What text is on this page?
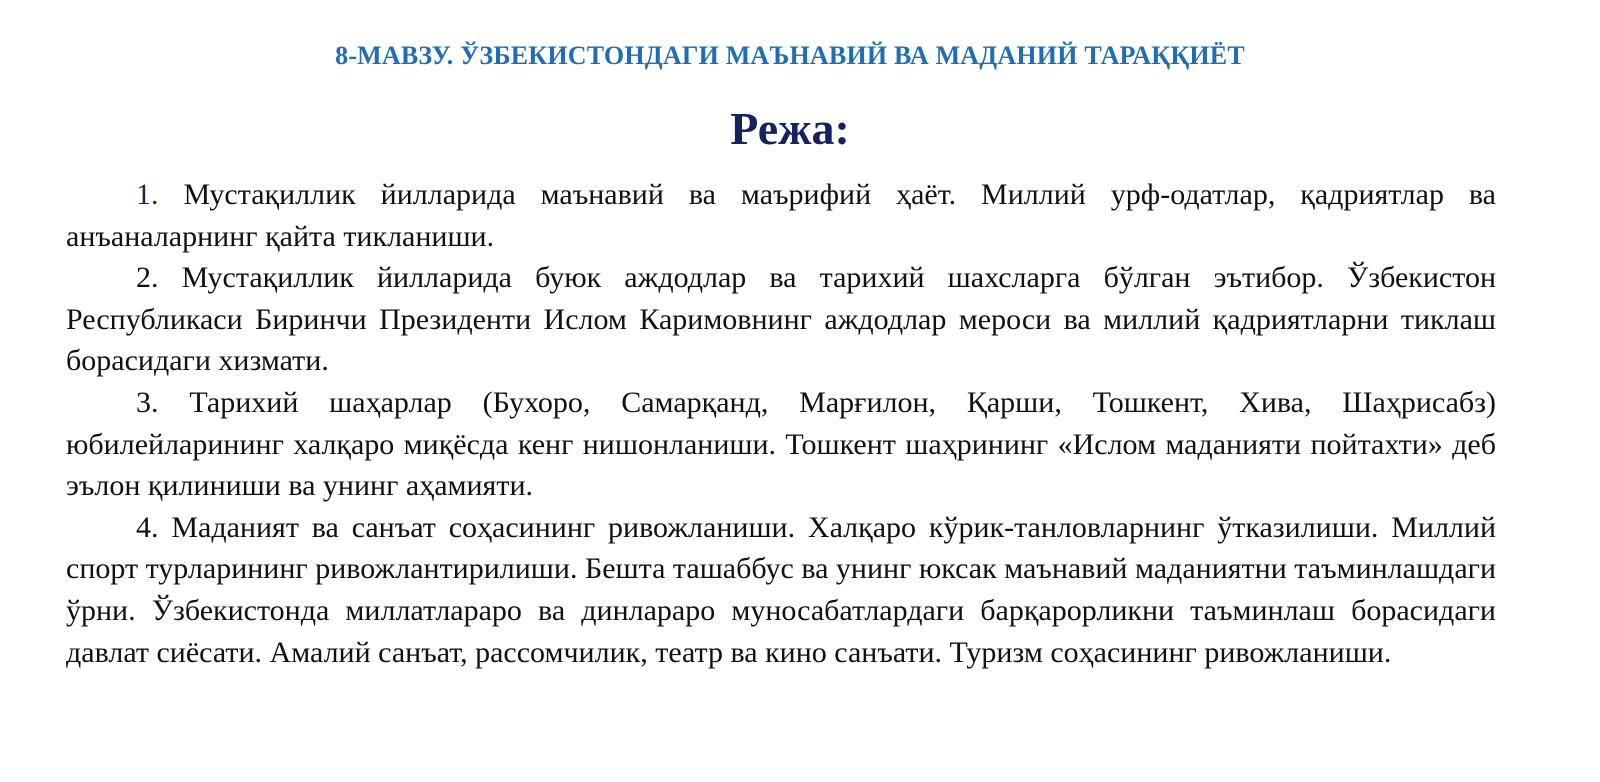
8-МАВЗУ. ЎЗБЕКИСТОНДАГИ МАЪНАВИЙ ВА МАДАНИЙ ТАРАҚҚИЁТ
Режа:

1. Мустақиллик йилларида маънавий ва маърифий ҳаёт. Миллий урф-одатлар, қадриятлар ва анъаналарнинг қайта тикланиши.

2. Мустақиллик йилларида буюк аждодлар ва тарихий шахсларга бўлган эътибор. Ўзбекистон Республикаси Биринчи Президенти Ислом Каримовнинг аждодлар мероси ва миллий қадриятларни тиклаш борасидаги хизмати.

3. Тарихий шаҳарлар (Бухоро, Самарқанд, Марғилон, Қарши, Тошкент, Хива, Шаҳрисабз) юбилейларининг халқаро миқёсда кенг нишонланиши. Тошкент шаҳрининг «Ислом маданияти пойтахти» деб эълон қилиниши ва унинг аҳамияти.

4. Маданият ва санъат соҳасининг ривожланиши. Халқаро кўрик-танловларнинг ўтказилиши. Миллий спорт турларининг ривожлантирилиши. Бешта ташаббус ва унинг юксак маънавий маданиятни таъминлашдаги ўрни. Ўзбекистонда миллатлараро ва динлараро муносабатлардаги барқарорликни таъминлаш борасидаги давлат сиёсати. Амалий санъат, рассомчилик, театр ва кино санъати. Туризм соҳасининг ривожланиши.
